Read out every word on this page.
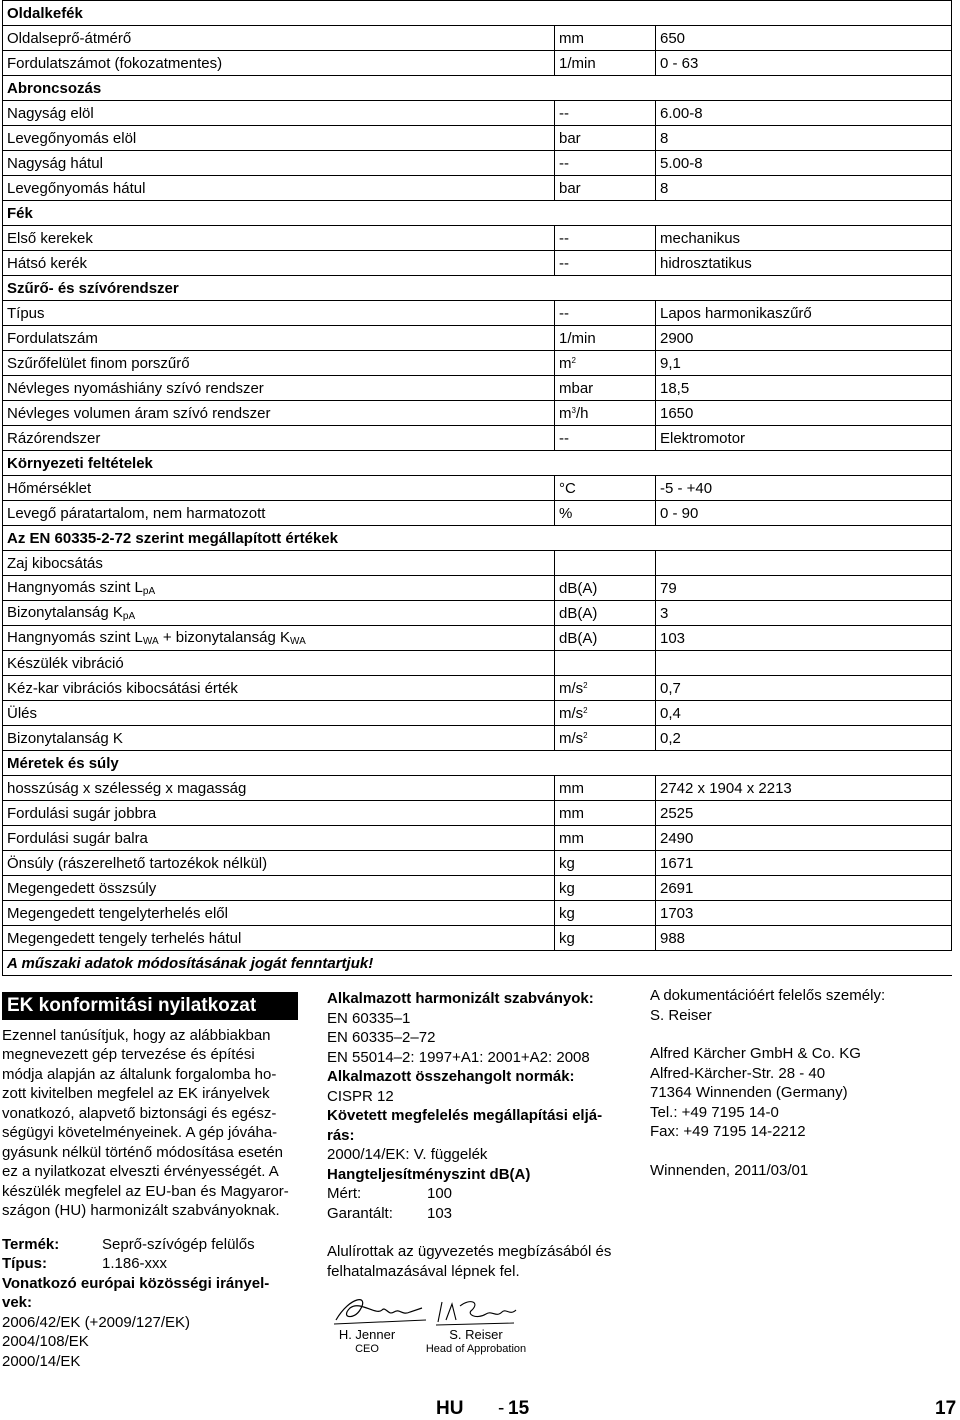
Oldalkefék		
Oldalseprő-átmérő	mm	650
Fordulatszámot (fokozatmentes)	1/min	0 - 63
Abroncsozás		
Nagyság elöl	--	6.00-8
Levegőnyomás elöl	bar	8
Nagyság hátul	--	5.00-8
Levegőnyomás hátul	bar	8
Fék		
Első kerekek	--	mechanikus
Hátsó kerék	--	hidrosztatikus
Szűrő- és szívórendszer		
Típus	--	Lapos harmonikaszűrő
Fordulatszám	1/min	2900
Szűrőfelület finom porszűrő	$m^2$	9,1
Névleges nyomáshiány szívó rendszer	mbar	18,5
Névleges volumen áram szívó rendszer	$m^3/h$	1650
Rázórendszer	--	Elektromotor
Környezeti feltételek		
Hőmérséklet	°C	-5 - +40
Levegő páratartalom, nem harmatozott	%	0 - 90
Az EN 60335-2-72 szerint megállapított értékek		
Zaj kibocsátás		
Hangnyomás szint $L_{pA}$	dB(A)	79
Bizonytalanság $K_{pA}$	dB(A)	3
Hangnyomás szint $L_{WA}$ + bizonytalanság $K_{WA}$	dB(A)	103
Készülék vibráció		
Kéz-kar vibrációs kibocsátási érték	$m/s^2$	0,7
Ülés	$m/s^2$	0,4
Bizonytalanság K	$m/s^2$	0,2
Méretek és súly		
hosszúság x szélesség x magasság	mm	2742 x 1904 x 2213
Fordulási sugár jobbra	mm	2525
Fordulási sugár balra	mm	2490
Önsúly (rászerelhető tartozékok nélkül)	kg	1671
Megengedett összsúly	kg	2691
Megengedett tengelyterhelés elől	kg	1703
Megengedett tengely terhelés hátul	kg	988
A műszaki adatok módosításának jogát fenntartjuk!		
EK konformitási nyilatkozat
Ezennel tanúsítjuk, hogy az alábbiakban
megnevezett gép tervezése és építési
módja alapján az általunk forgalomba ho-
zott kivitelben megfelel az EK irányelvek
vonatkozó, alapvető biztonsági és egész-
ségügyi követelményeinek. A gép jóváha-
gyásunk nélkül történő módosítása esetén
ez a nyilatkozat elveszti érvényességét. A
készülék megfelel az EU-ban és Magyaror-
szágon (HU) harmonizált szabványoknak.
Termék:	Seprő-szívógép felülős
Típus:	1.186-xxx
Vonatkozó európai közösségi irányel-
vek:
2006/42/EK (+2009/127/EK)
2004/108/EK
2000/14/EK
Alkalmazott harmonizált szabványok:
EN 60335–1
EN 60335–2–72
EN 55014–2: 1997+A1: 2001+A2: 2008
Alkalmazott összehangolt normák:
CISPR 12
Követett megfelelés megállapítási eljá-
rás:
2000/14/EK: V. függelék
Hangteljesítményszint dB(A)
Mért:	100
Garantált:	103
Alulírottak az ügyvezetés megbízásából és
felhatalmazásával lépnek fel.
H. Jenner
CEO
S. Reiser
Head of Approbation
A dokumentációért felelős személy:
S. Reiser
Alfred Kärcher GmbH & Co. KG
Alfred-Kärcher-Str. 28 - 40
71364 Winnenden (Germany)
Tel.: +49 7195 14-0
Fax: +49 7195 14-2212
Winnenden, 2011/03/01
HU - 15	17
